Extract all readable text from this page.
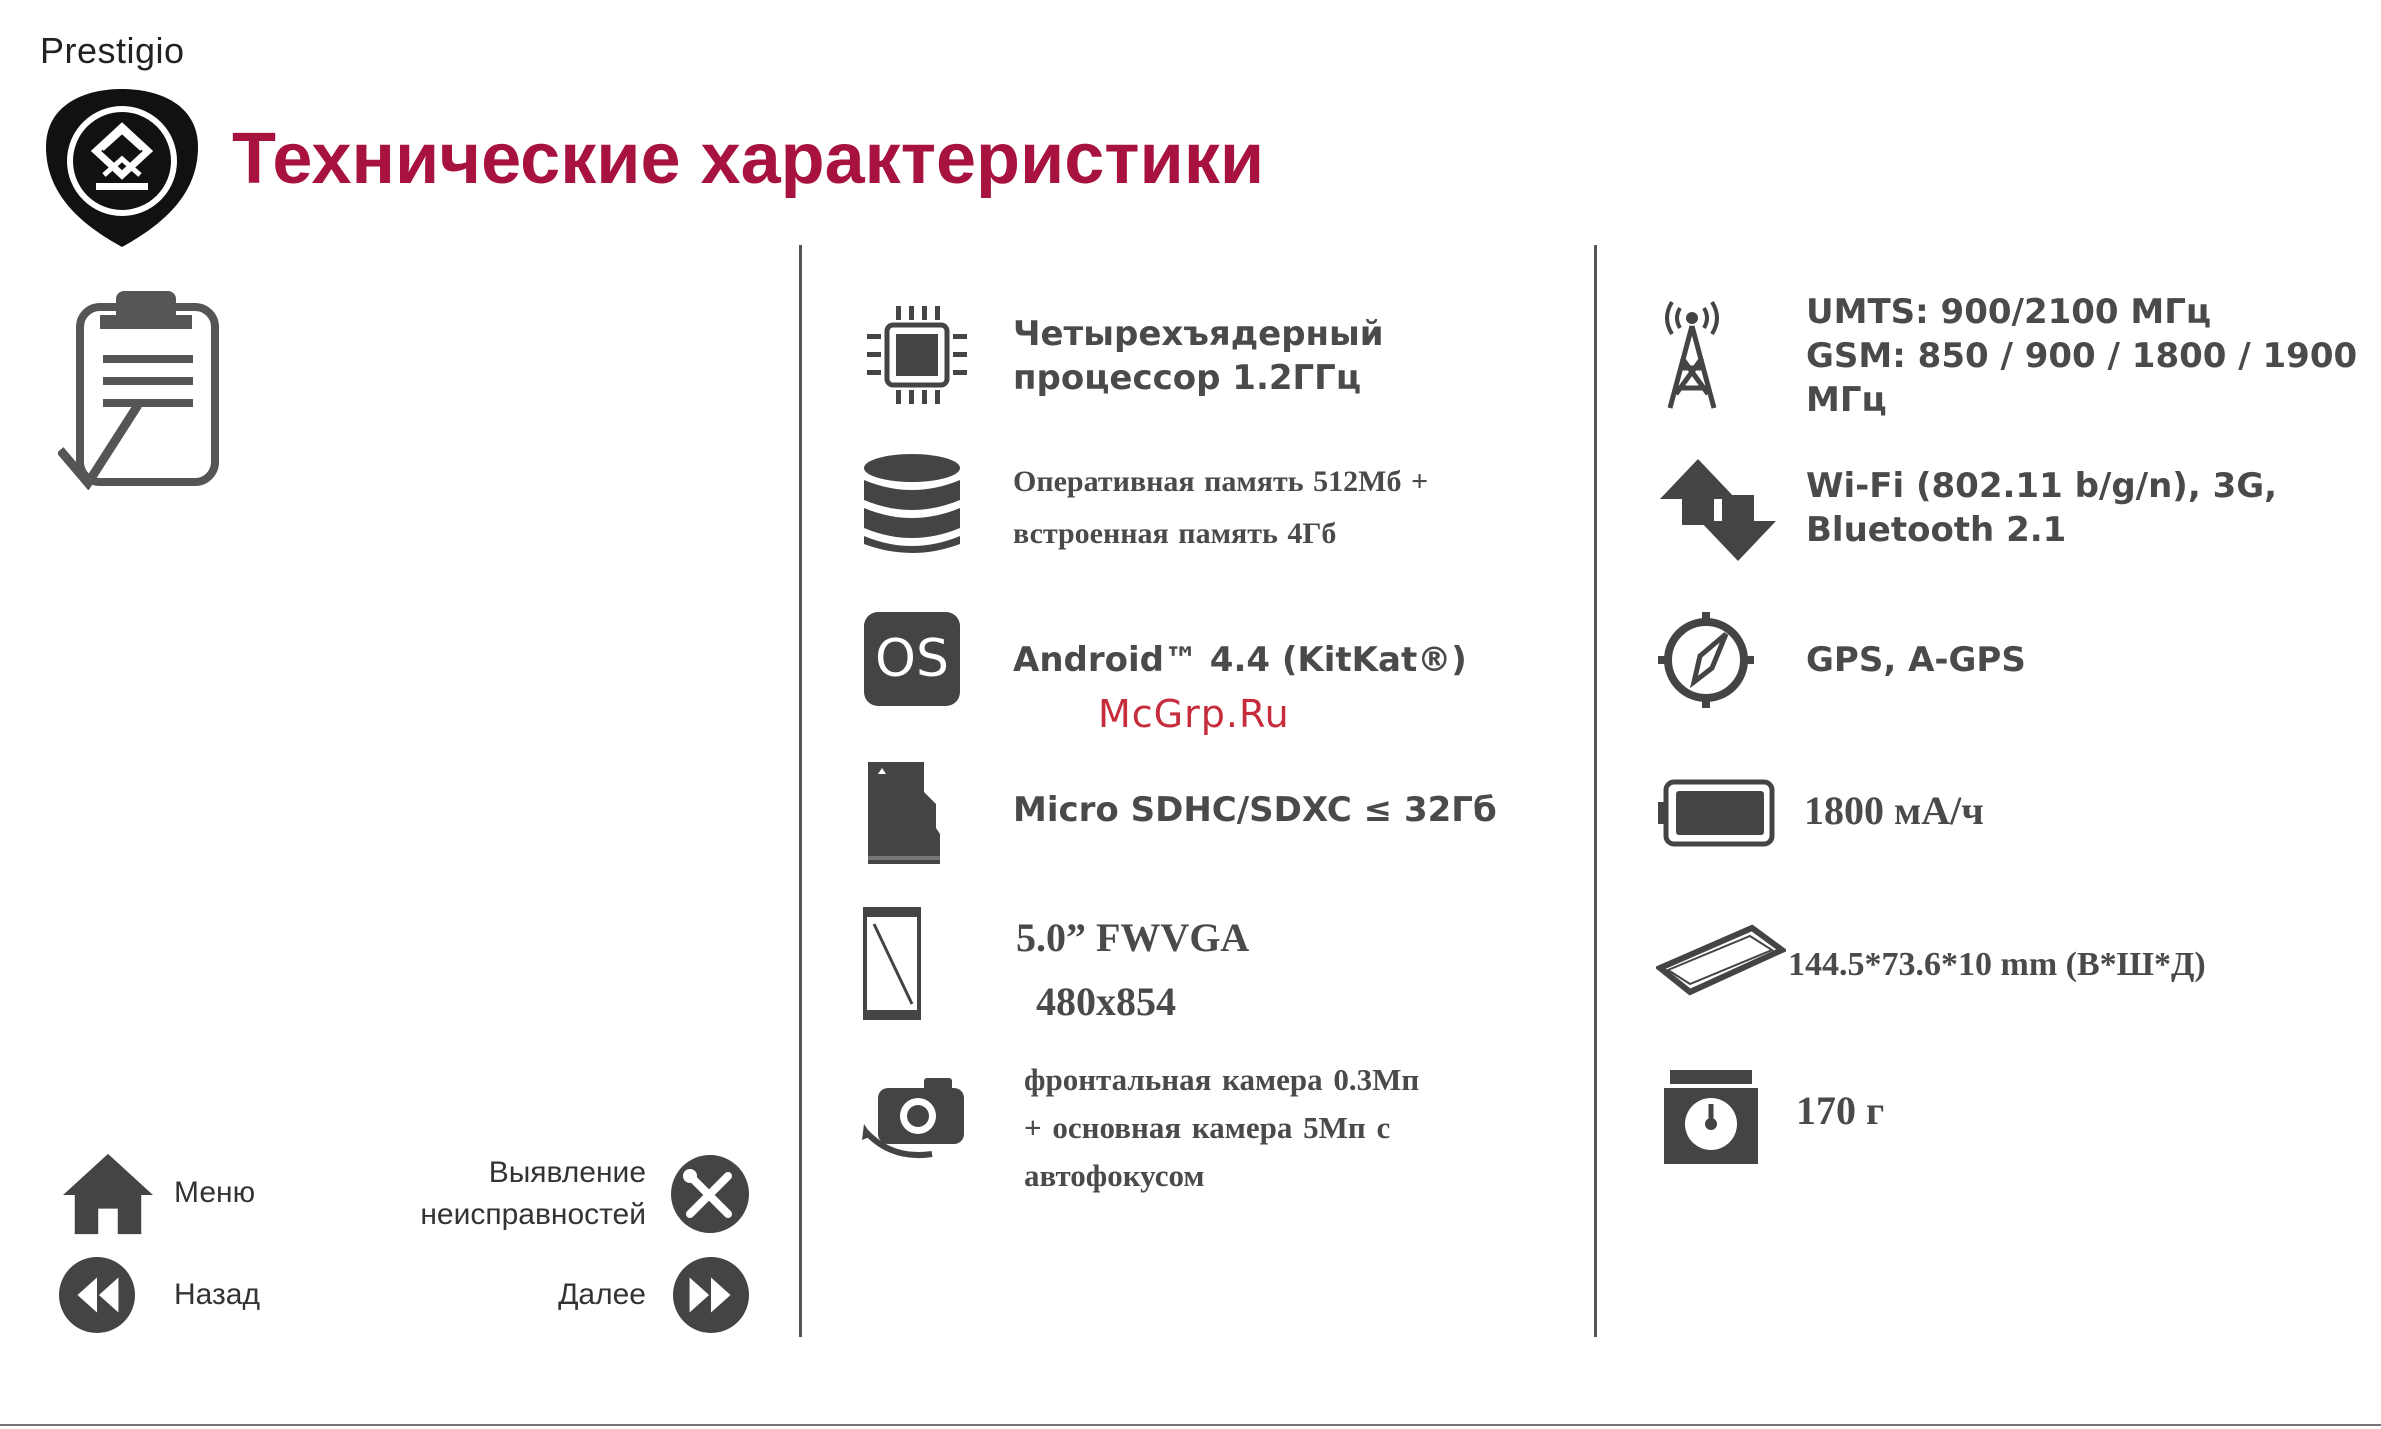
Prestigio
Технические характеристики
Четырехъядерный
процессор 1.2ГГц
Оперативная память 512Мб +
встроенная память 4Гб
OS	Android™ 4.4 (KitKat®)
McGrp.Ru
Micro SDHC/SDXC ≤ 32Гб
5.0” FWVGA
480x854
фронтальная камера 0.3Мп
+ основная камера 5Мп с
автофокусом
UMTS: 900/2100 МГц
GSM: 850 / 900 / 1800 / 1900
МГц
Wi-Fi (802.11 b/g/n), 3G,
Bluetooth 2.1
GPS, A-GPS
1800 мА/ч
144.5*73.6*10 mm (В*Ш*Д)
170 г
Меню
Выявление
неисправностей
Назад	Далее
